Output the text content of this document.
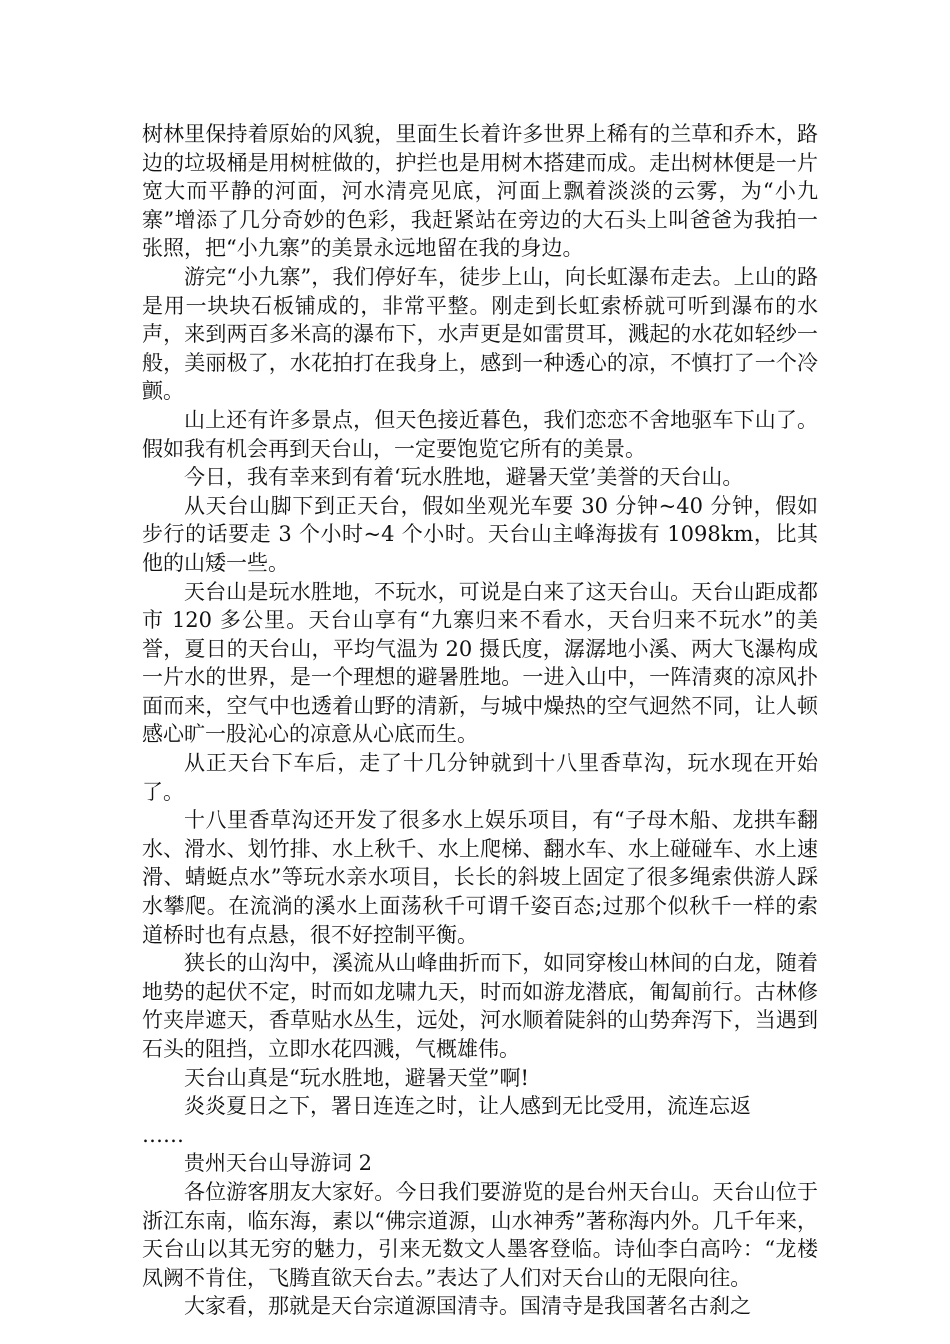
树林里保持着原始的风貌，里面生长着许多世界上稀有的兰草和乔木，路边的垃圾桶是用树桩做的，护拦也是用树木搭建而成。走出树林便是一片宽大而平静的河面，河水清亮见底，河面上飘着淡淡的云雾，为“小九寨”增添了几分奇妙的色彩，我赶紧站在旁边的大石头上叫爸爸为我拍一张照，把“小九寨”的美景永远地留在我的身边。

游完“小九寨”，我们停好车，徒步上山，向长虹瀑布走去。上山的路是用一块块石板铺成的，非常平整。刚走到长虹索桥就可听到瀑布的水声，来到两百多米高的瀑布下，水声更是如雷贯耳，溅起的水花如轻纱一般，美丽极了，水花拍打在我身上，感到一种透心的凉，不慎打了一个冷颤。

山上还有许多景点，但天色接近暮色，我们恋恋不舍地驱车下山了。假如我有机会再到天台山，一定要饱览它所有的美景。

今日，我有幸来到有着‘玩水胜地，避暑天堂’美誉的天台山。

从天台山脚下到正天台，假如坐观光车要 30 分钟~40 分钟，假如步行的话要走 3 个小时~4 个小时。天台山主峰海拔有 1098km，比其他的山矮一些。

天台山是玩水胜地，不玩水，可说是白来了这天台山。天台山距成都市 120 多公里。天台山享有“九寨归来不看水，天台归来不玩水”的美誉，夏日的天台山，平均气温为 20 摄氏度，潺潺地小溪、两大飞瀑构成一片水的世界，是一个理想的避暑胜地。一进入山中，一阵清爽的凉风扑面而来，空气中也透着山野的清新，与城中燥热的空气迥然不同，让人顿感心旷一股沁心的凉意从心底而生。

从正天台下车后，走了十几分钟就到十八里香草沟，玩水现在开始了。

十八里香草沟还开发了很多水上娱乐项目，有“子母木船、龙拱车翻水、滑水、划竹排、水上秋千、水上爬梯、翻水车、水上碰碰车、水上速滑、蜻蜓点水”等玩水亲水项目，长长的斜坡上固定了很多绳索供游人踩水攀爬。在流淌的溪水上面荡秋千可谓千姿百态;过那个似秋千一样的索道桥时也有点悬，很不好控制平衡。

狭长的山沟中，溪流从山峰曲折而下，如同穿梭山林间的白龙，随着地势的起伏不定，时而如龙啸九天，时而如游龙潜底，匍匐前行。古林修竹夹岸遮天，香草贴水丛生，远处，河水顺着陡斜的山势奔泻下，当遇到石头的阻挡，立即水花四溅，气概雄伟。

天台山真是“玩水胜地，避暑天堂”啊!

炎炎夏日之下，署日连连之时，让人感到无比受用，流连忘返

……

贵州天台山导游词 2

各位游客朋友大家好。今日我们要游览的是台州天台山。天台山位于浙江东南，临东海，素以“佛宗道源，山水神秀”著称海内外。几千年来，天台山以其无穷的魅力，引来无数文人墨客登临。诗仙李白高吟：“龙楼凤阙不肯住，飞腾直欲天台去。”表达了人们对天台山的无限向往。

大家看，那就是天台宗道源国清寺。国清寺是我国著名古刹之
